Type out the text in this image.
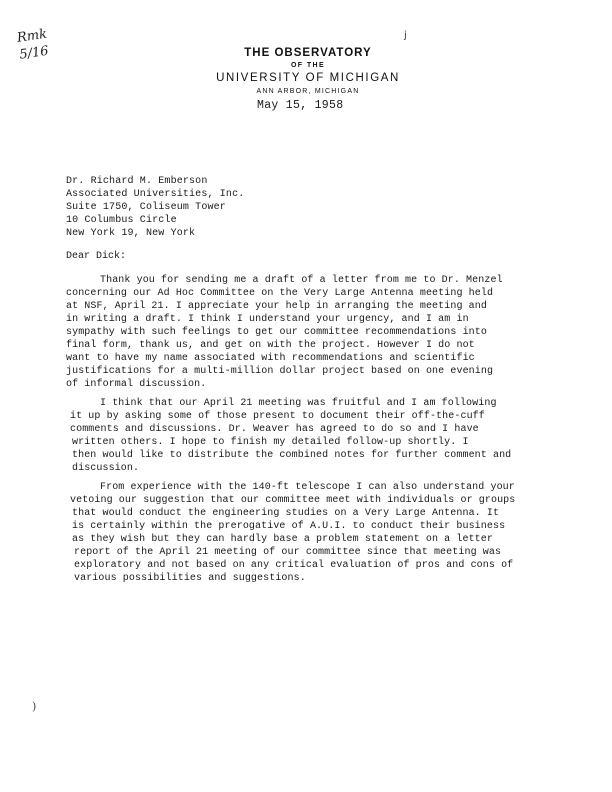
Rmk
5/16
j
THE OBSERVATORY
OF THE
UNIVERSITY OF MICHIGAN
ANN ARBOR, MICHIGAN
May 15, 1958
Dr. Richard M. Emberson
Associated Universities, Inc.
Suite 1750, Coliseum Tower
10 Columbus Circle
New York 19, New York
Dear Dick:
Thank you for sending me a draft of a letter from me to Dr. Menzel
concerning our Ad Hoc Committee on the Very Large Antenna meeting held
at NSF, April 21. I appreciate your help in arranging the meeting and
in writing a draft. I think I understand your urgency, and I am in
sympathy with such feelings to get our committee recommendations into
final form, thank us, and get on with the project. However I do not
want to have my name associated with recommendations and scientific
justifications for a multi-million dollar project based on one evening
of informal discussion.
I think that our April 21 meeting was fruitful and I am following
it up by asking some of those present to document their off-the-cuff
comments and discussions. Dr. Weaver has agreed to do so and I have
written others. I hope to finish my detailed follow-up shortly. I
then would like to distribute the combined notes for further comment and
discussion.
From experience with the 140-ft telescope I can also understand your
vetoing our suggestion that our committee meet with individuals or groups
that would conduct the engineering studies on a Very Large Antenna. It
is certainly within the prerogative of A.U.I. to conduct their business
as they wish but they can hardly base a problem statement on a letter
report of the April 21 meeting of our committee since that meeting was
exploratory and not based on any critical evaluation of pros and cons of
various possibilities and suggestions.
)
